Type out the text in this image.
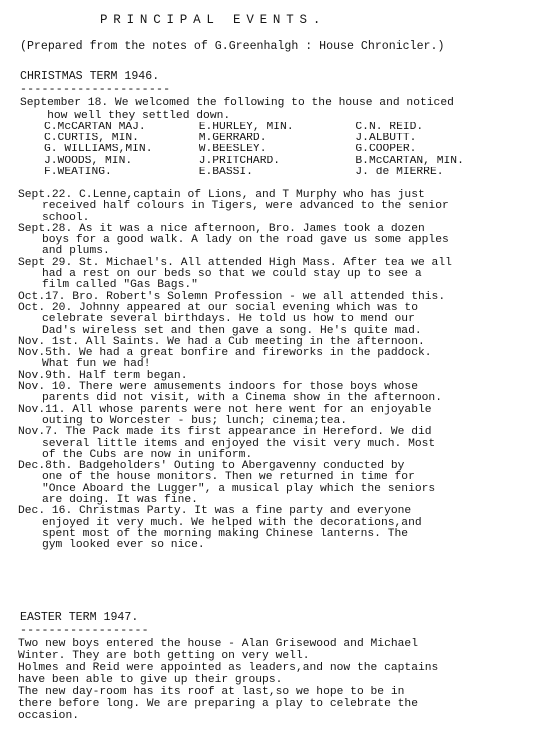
PRINCIPAL EVENTS.
(Prepared from the notes of G.Greenhalgh : House Chronicler.)
CHRISTMAS TERM 1946.
---------------------
September 18. We welcomed the following to the house and noticed
how well they settled down.
C.McCARTAN MAJ.	E.HURLEY, MIN.	C.N. REID.
C.CURTIS, MIN.	M.GERRARD.	J.ALBUTT.
G. WILLIAMS,MIN.	W.BEESLEY.	G.COOPER.
J.WOODS, MIN.	J.PRITCHARD.	B.McCARTAN, MIN.
F.WEATING.	E.BASSI.	J. de MIERRE.
Sept.22. C.Lenne,captain of Lions, and T Murphy who has just
received half colours in Tigers, were advanced to the senior
school.
Sept.28. As it was a nice afternoon, Bro. James took a dozen
boys for a good walk. A lady on the road gave us some apples
and plums.
Sept 29. St. Michael's. All attended High Mass. After tea we all
had a rest on our beds so that we could stay up to see a
film called "Gas Bags."
Oct.17. Bro. Robert's Solemn Profession - we all attended this.
Oct. 20. Johnny appeared at our social evening which was to
celebrate several birthdays. He told us how to mend our
Dad's wireless set and then gave a song. He's quite mad.
Nov. 1st. All Saints. We had a Cub meeting in the afternoon.
Nov.5th. We had a great bonfire and fireworks in the paddock.
What fun we had!
Nov.9th. Half term began.
Nov. 10. There were amusements indoors for those boys whose
parents did not visit, with a Cinema show in the afternoon.
Nov.11. All whose parents were not here went for an enjoyable
outing to Worcester - bus; lunch; cinema;tea.
Nov.7. The Pack made its first appearance in Hereford. We did
several little items and enjoyed the visit very much. Most
of the Cubs are now in uniform.
Dec.8th. Badgeholders' Outing to Abergavenny conducted by
one of the house monitors. Then we returned in time for
"Once Aboard the Lugger", a musical play which the seniors
are doing. It was fine.
Dec. 16. Christmas Party. It was a fine party and everyone
enjoyed it very much. We helped with the decorations,and
spent most of the morning making Chinese lanterns. The
gym looked ever so nice.
EASTER TERM 1947.
------------------
Two new boys entered the house - Alan Grisewood and Michael
Winter. They are both getting on very well.
Holmes and Reid were appointed as leaders,and now the captains
have been able to give up their groups.
The new day-room has its roof at last,so we hope to be in
there before long. We are preparing a play to celebrate the
occasion.
